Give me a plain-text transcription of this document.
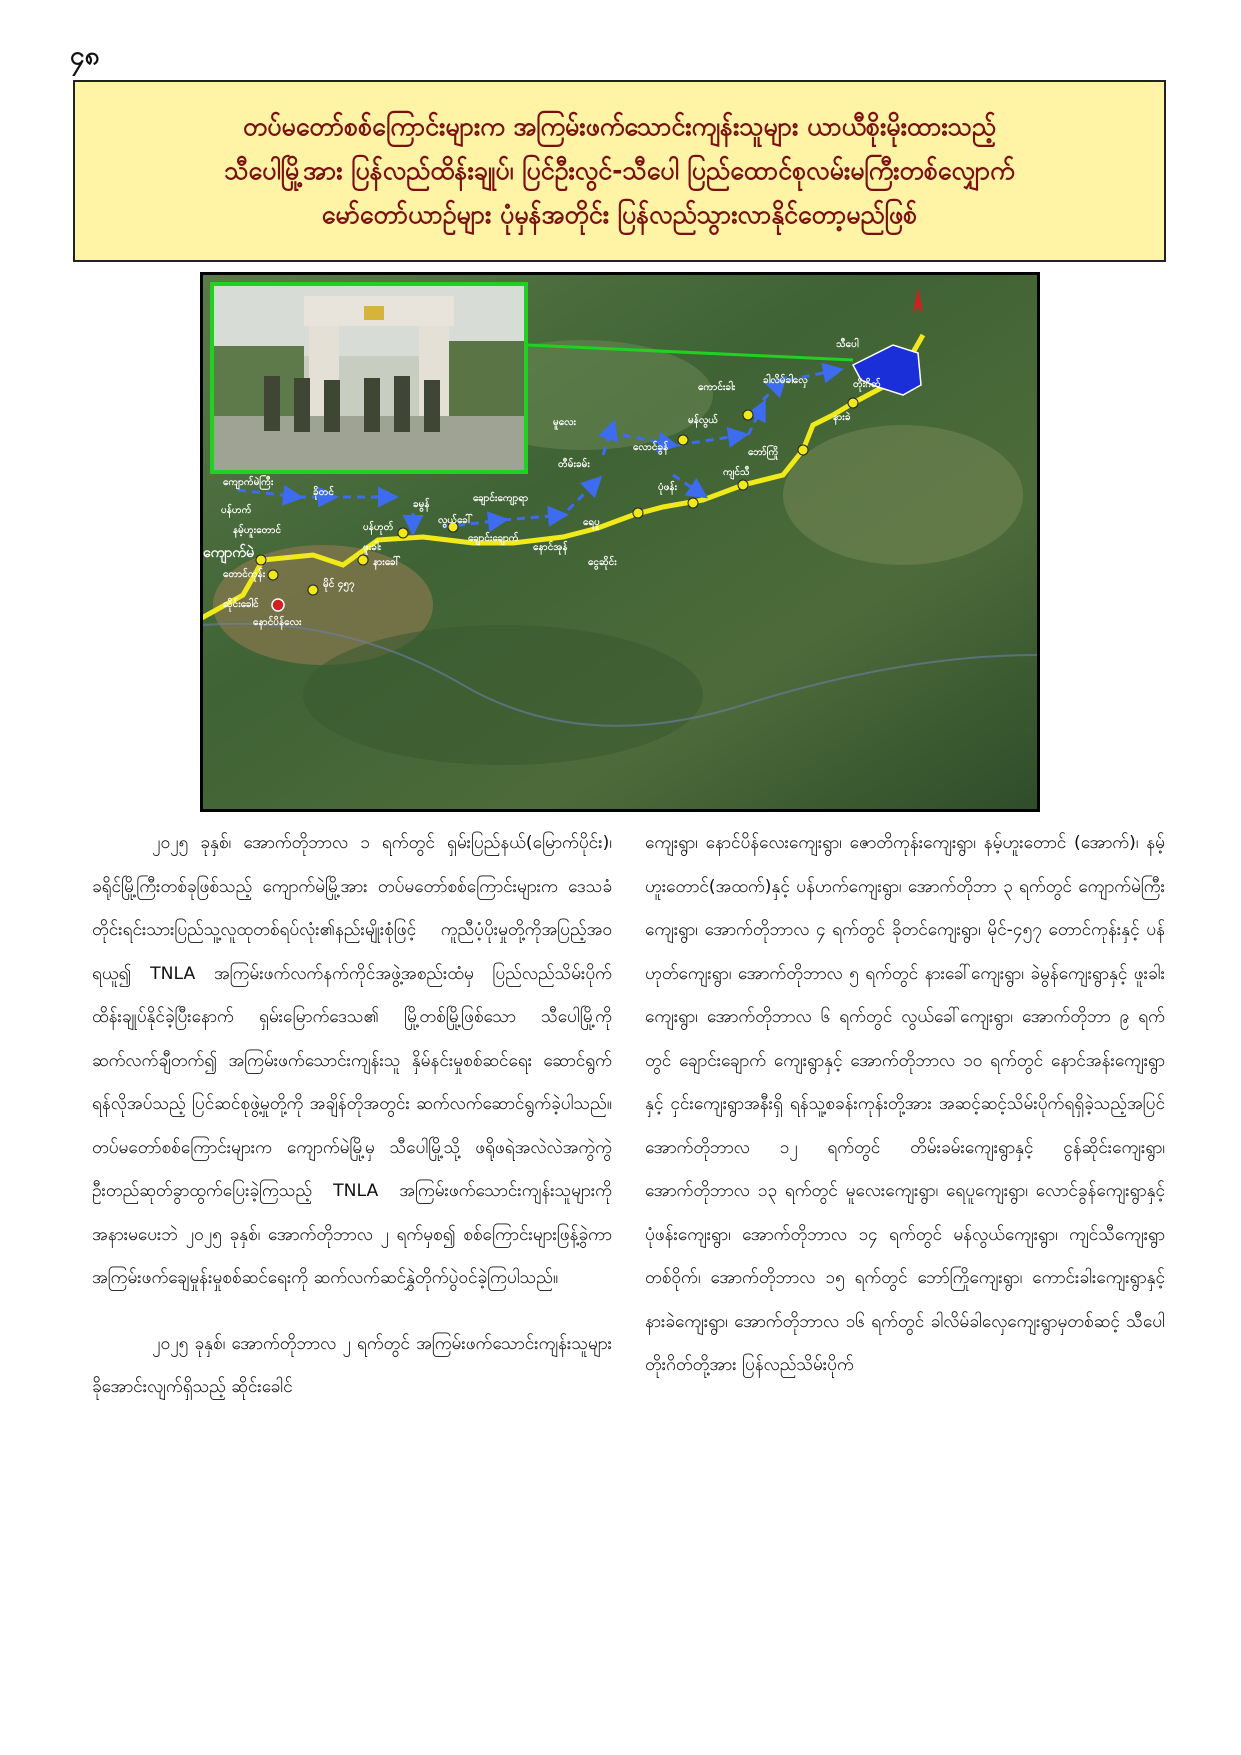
၄၈
တပ်မတော်စစ်ကြောင်းများက အကြမ်းဖက်သောင်းကျန်းသူများ ယာယီစိုးမိုးထားသည့်
သီပေါမြို့အား ပြန်လည်ထိန်းချုပ်၊ ပြင်ဦးလွင်-သီပေါ ပြည်ထောင်စုလမ်းမကြီးတစ်လျှောက်
မော်တော်ယာဉ်များ ပုံမှန်အတိုင်း ပြန်လည်သွားလာနိုင်တော့မည်ဖြစ်
သီပေါ
ကျောက်မဲကြီး
ခိုတင်
ခမွန်
ပန်ဟက်
နမ့်ဟူးတောင်	ပန်ဟုတ်
ကျောက်မဲ
တောင်ကုန်း
မိုင် ၄၅၇
ဆိုင်းခေါင်
နောင်ပိန်လေး
နားခေါ်
ဖူးခါး
လွယ်ခေါ်
ချောင်းချောက်
ချောင်းကျော့ရာ
နောင်အုန်
ငွေဆိုင်း
ရေပူ
မူလေး
တီမ်းခမ်း
လောင်ခွန်
မန်လွယ်
ပုံဖန်း
ကျင်သီ
ဘော်ကြို
ကောင်းခါး
နားခဲ
ခါလိမ်ခါလှေ	တိုးဂိတ်

၂၀၂၅ ခုနှစ်၊ အောက်တိုဘာလ ၁ ရက်တွင် ရှမ်းပြည်နယ်(မြောက်ပိုင်း)၊ ခရိုင်မြို့ကြီးတစ်ခုဖြစ်သည့် ကျောက်မဲမြို့အား တပ်မတော်စစ်ကြောင်းများက ဒေသခံတိုင်းရင်းသားပြည်သူ့လူထုတစ်ရပ်လုံး၏နည်းမျိုးစုံဖြင့် ကူညီပံ့ပိုးမှုတို့ကိုအပြည့်အဝရယူ၍ TNLA အကြမ်းဖက်လက်နက်ကိုင်အဖွဲ့အစည်းထံမှ ပြည်လည်သိမ်းပိုက်ထိန်းချုပ်နိုင်ခဲ့ပြီးနောက် ရှမ်းမြောက်ဒေသ၏ မြို့တစ်မြို့ဖြစ်သော သီပေါမြို့ကို ဆက်လက်ချီတက်၍ အကြမ်းဖက်သောင်းကျန်းသူ နှိမ်နင်းမှုစစ်ဆင်ရေး ဆောင်ရွက်ရန်လိုအပ်သည့် ပြင်ဆင်စုဖွဲ့မှုတို့ကို အချိန်တိုအတွင်း ဆက်လက်ဆောင်ရွက်ခဲ့ပါသည်။ တပ်မတော်စစ်ကြောင်းများက ကျောက်မဲမြို့မှ သီပေါမြို့သို့ ဖရိုဖရဲအလဲလဲအကွဲကွဲ ဦးတည်ဆုတ်ခွာထွက်ပြေးခဲ့ကြသည့် TNLA အကြမ်းဖက်သောင်းကျန်းသူများကို အနားမပေးဘဲ ၂၀၂၅ ခုနှစ်၊ အောက်တိုဘာလ ၂ ရက်မှစ၍ စစ်ကြောင်းများဖြန့်ခွဲကာ အကြမ်းဖက်ချေမှုန်းမှုစစ်ဆင်ရေးကို ဆက်လက်ဆင်နွှဲတိုက်ပွဲဝင်ခဲ့ကြပါသည်။

၂၀၂၅ ခုနှစ်၊ အောက်တိုဘာလ ၂ ရက်တွင် အကြမ်းဖက်သောင်းကျန်းသူများ ခိုအောင်းလျက်ရှိသည့် ဆိုင်းခေါင်

ကျေးရွာ၊ နောင်ပိန်လေးကျေးရွာ၊ ဇောတိကုန်းကျေးရွာ၊ နမ့်ဟူးတောင် (အောက်)၊ နမ့်ဟူးတောင်(အထက်)နှင့် ပန်ဟက်ကျေးရွာ၊ အောက်တိုဘာ ၃ ရက်တွင် ကျောက်မဲကြီးကျေးရွာ၊ အောက်တိုဘာလ ၄ ရက်တွင် ခိုတင်ကျေးရွာ၊ မိုင်-၄၅၇ တောင်ကုန်းနှင့် ပန်ဟုတ်ကျေးရွာ၊ အောက်တိုဘာလ ၅ ရက်တွင် နားခေါ်ကျေးရွာ၊ ခဲမွန်ကျေးရွာနှင့် ဖူးခါးကျေးရွာ၊ အောက်တိုဘာလ ၆ ရက်တွင် လွယ်ခေါ်ကျေးရွာ၊ အောက်တိုဘာ ၉ ရက်တွင် ချောင်းချောက် ကျေးရွာနှင့် အောက်တိုဘာလ ၁၀ ရက်တွင် နောင်အန်းကျေးရွာနှင့် ငှင်းကျေးရွာအနီးရှိ ရန်သူ့စခန်းကုန်းတို့အား အဆင့်ဆင့်သိမ်းပိုက်ရရှိခဲ့သည့်အပြင် အောက်တိုဘာလ ၁၂ ရက်တွင် တိမ်းခမ်းကျေးရွာနှင့် ငွန်ဆိုင်းကျေးရွာ၊ အောက်တိုဘာလ ၁၃ ရက်တွင် မူလေးကျေးရွာ၊ ရေပူကျေးရွာ၊ လောင်ခွန်ကျေးရွာနှင့် ပုံဖန်းကျေးရွာ၊ အောက်တိုဘာလ ၁၄ ရက်တွင် မန်လွယ်ကျေးရွာ၊ ကျင်သီကျေးရွာတစ်ဝိုက်၊ အောက်တိုဘာလ ၁၅ ရက်တွင် ဘော်ကြိုကျေးရွာ၊ ကောင်းခါးကျေးရွာနှင့် နားခဲကျေးရွာ၊ အောက်တိုဘာလ ၁၆ ရက်တွင် ခါလိမ်ခါလှေကျေးရွာမှတစ်ဆင့် သီပေါတိုးဂိတ်တို့အား ပြန်လည်သိမ်းပိုက်
